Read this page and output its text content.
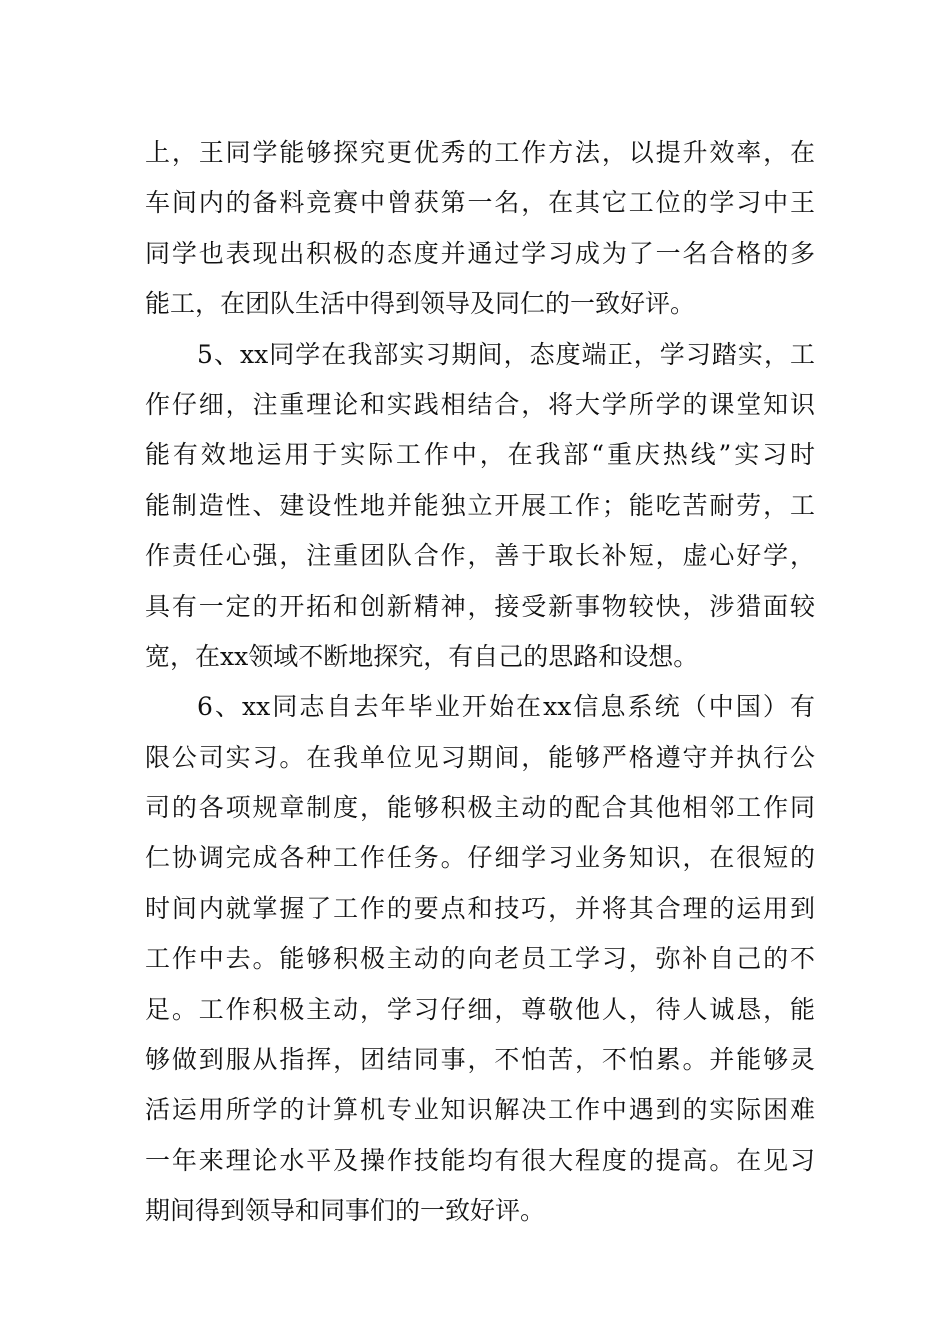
上，王同学能够探究更优秀的工作方法，以提升效率，在
车间内的备料竞赛中曾获第一名，在其它工位的学习中王
同学也表现出积极的态度并通过学习成为了一名合格的多
能工，在团队生活中得到领导及同仁的一致好评。
5、xx同学在我部实习期间，态度端正，学习踏实，工
作仔细，注重理论和实践相结合，将大学所学的课堂知识
能有效地运用于实际工作中，在我部“重庆热线”实习时
能制造性、建设性地并能独立开展工作；能吃苦耐劳，工
作责任心强，注重团队合作，善于取长补短，虚心好学，
具有一定的开拓和创新精神，接受新事物较快，涉猎面较
宽，在xx领域不断地探究，有自己的思路和设想。
6、xx同志自去年毕业开始在xx信息系统（中国）有
限公司实习。在我单位见习期间，能够严格遵守并执行公
司的各项规章制度，能够积极主动的配合其他相邻工作同
仁协调完成各种工作任务。仔细学习业务知识，在很短的
时间内就掌握了工作的要点和技巧，并将其合理的运用到
工作中去。能够积极主动的向老员工学习，弥补自己的不
足。工作积极主动，学习仔细，尊敬他人，待人诚恳，能
够做到服从指挥，团结同事，不怕苦，不怕累。并能够灵
活运用所学的计算机专业知识解决工作中遇到的实际困难
一年来理论水平及操作技能均有很大程度的提高。在见习
期间得到领导和同事们的一致好评。
